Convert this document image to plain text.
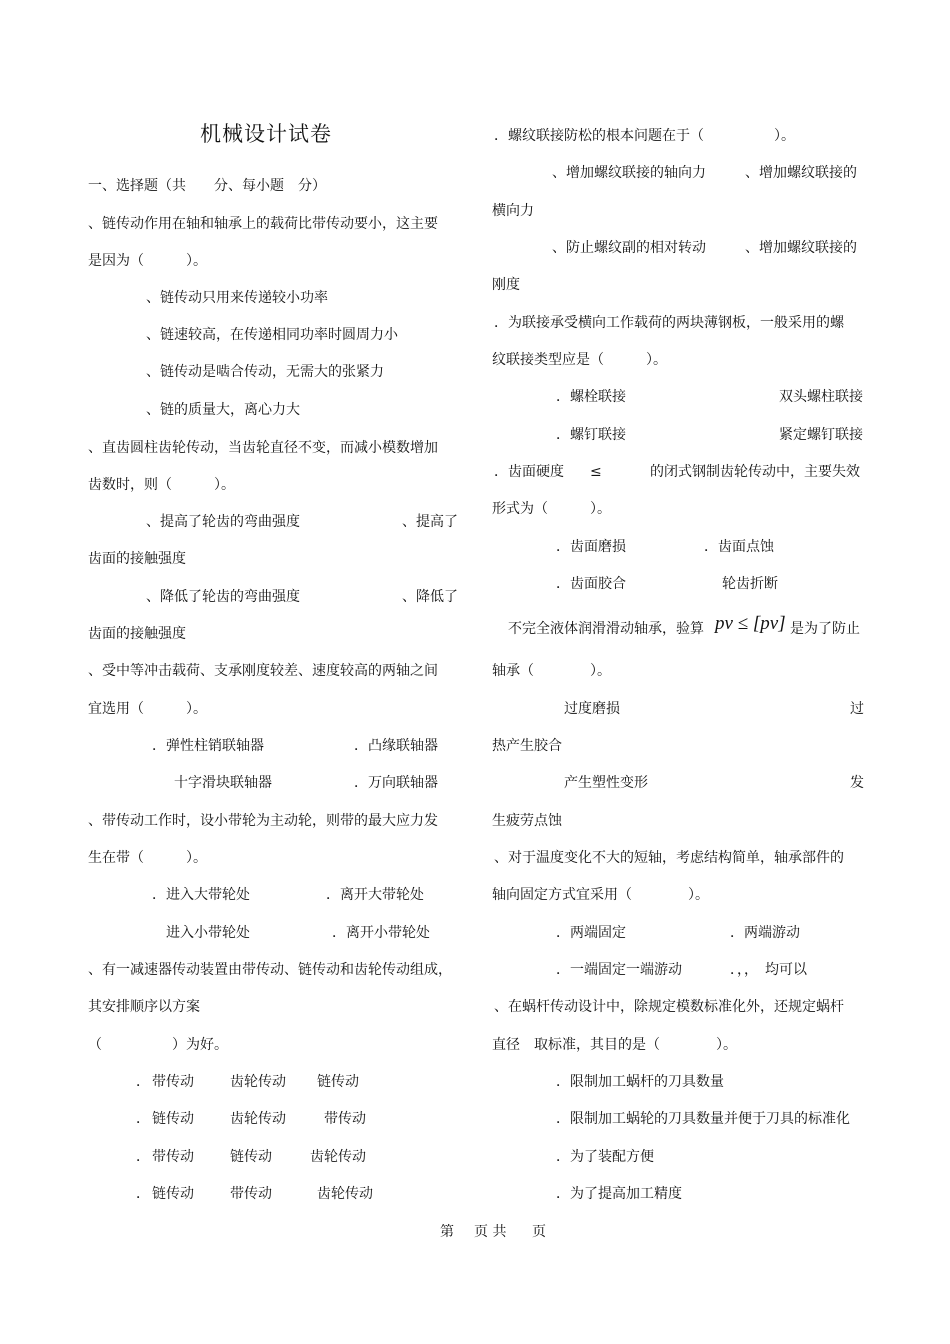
机械设计试卷
一、选择题（共　　分、每小题　分）
、链传动作用在轴和轴承上的载荷比带传动要小，这主要
是因为（　　　）。
、链传动只用来传递较小功率
、链速较高，在传递相同功率时圆周力小
、链传动是啮合传动，无需大的张紧力
、链的质量大，离心力大
、直齿圆柱齿轮传动，当齿轮直径不变，而减小模数增加
齿数时，则（　　　）。
、提高了轮齿的弯曲强度	、提高了
齿面的接触强度
、降低了轮齿的弯曲强度	、降低了
齿面的接触强度
、受中等冲击载荷、支承刚度较差、速度较高的两轴之间
宜选用（　　　）。
．弹性柱销联轴器	．凸缘联轴器
十字滑块联轴器	．万向联轴器
、带传动工作时，设小带轮为主动轮，则带的最大应力发
生在带（　　　）。
．进入大带轮处	．离开大带轮处
进入小带轮处	．离开小带轮处
、有一减速器传动装置由带传动、链传动和齿轮传动组成，
其安排顺序以方案
（　　　　　）为好。
． 带传动	齿轮传动 链传动
． 链传动	齿轮传动	带传动
． 带传动	链传动	齿轮传动
． 链传动	带传动	齿轮传动
．螺纹联接防松的根本问题在于（　　　　　）。
、增加螺纹联接的轴向力	、增加螺纹联接的
横向力
、防止螺纹副的相对转动	、增加螺纹联接的
刚度
．为联接承受横向工作载荷的两块薄钢板，一般采用的螺
纹联接类型应是（　　　）。
．螺栓联接	双头螺柱联接
．螺钉联接	紧定螺钉联接
．齿面硬度 ≤	的闭式钢制齿轮传动中，主要失效
形式为（　　　）。
．齿面磨损	．齿面点蚀
．齿面胶合	轮齿折断
不完全液体润滑滑动轴承，验算 pv ≤ [pv] 是为了防止
轴承（　　　　）。
过度磨损	过
热产生胶合
产生塑性变形	发
生疲劳点蚀
、对于温度变化不大的短轴，考虑结构简单，轴承部件的
轴向固定方式宜采用（　　　　）。
．两端固定	．两端游动
．一端固定一端游动	．，，　均可以
、在蜗杆传动设计中，除规定模数标准化外，还规定蜗杆
直径　取标准，其目的是（　　　　）。
．限制加工蜗杆的刀具数量
．限制加工蜗轮的刀具数量并便于刀具的标准化
．为了装配方便
．为了提高加工精度
第 页 共 页
